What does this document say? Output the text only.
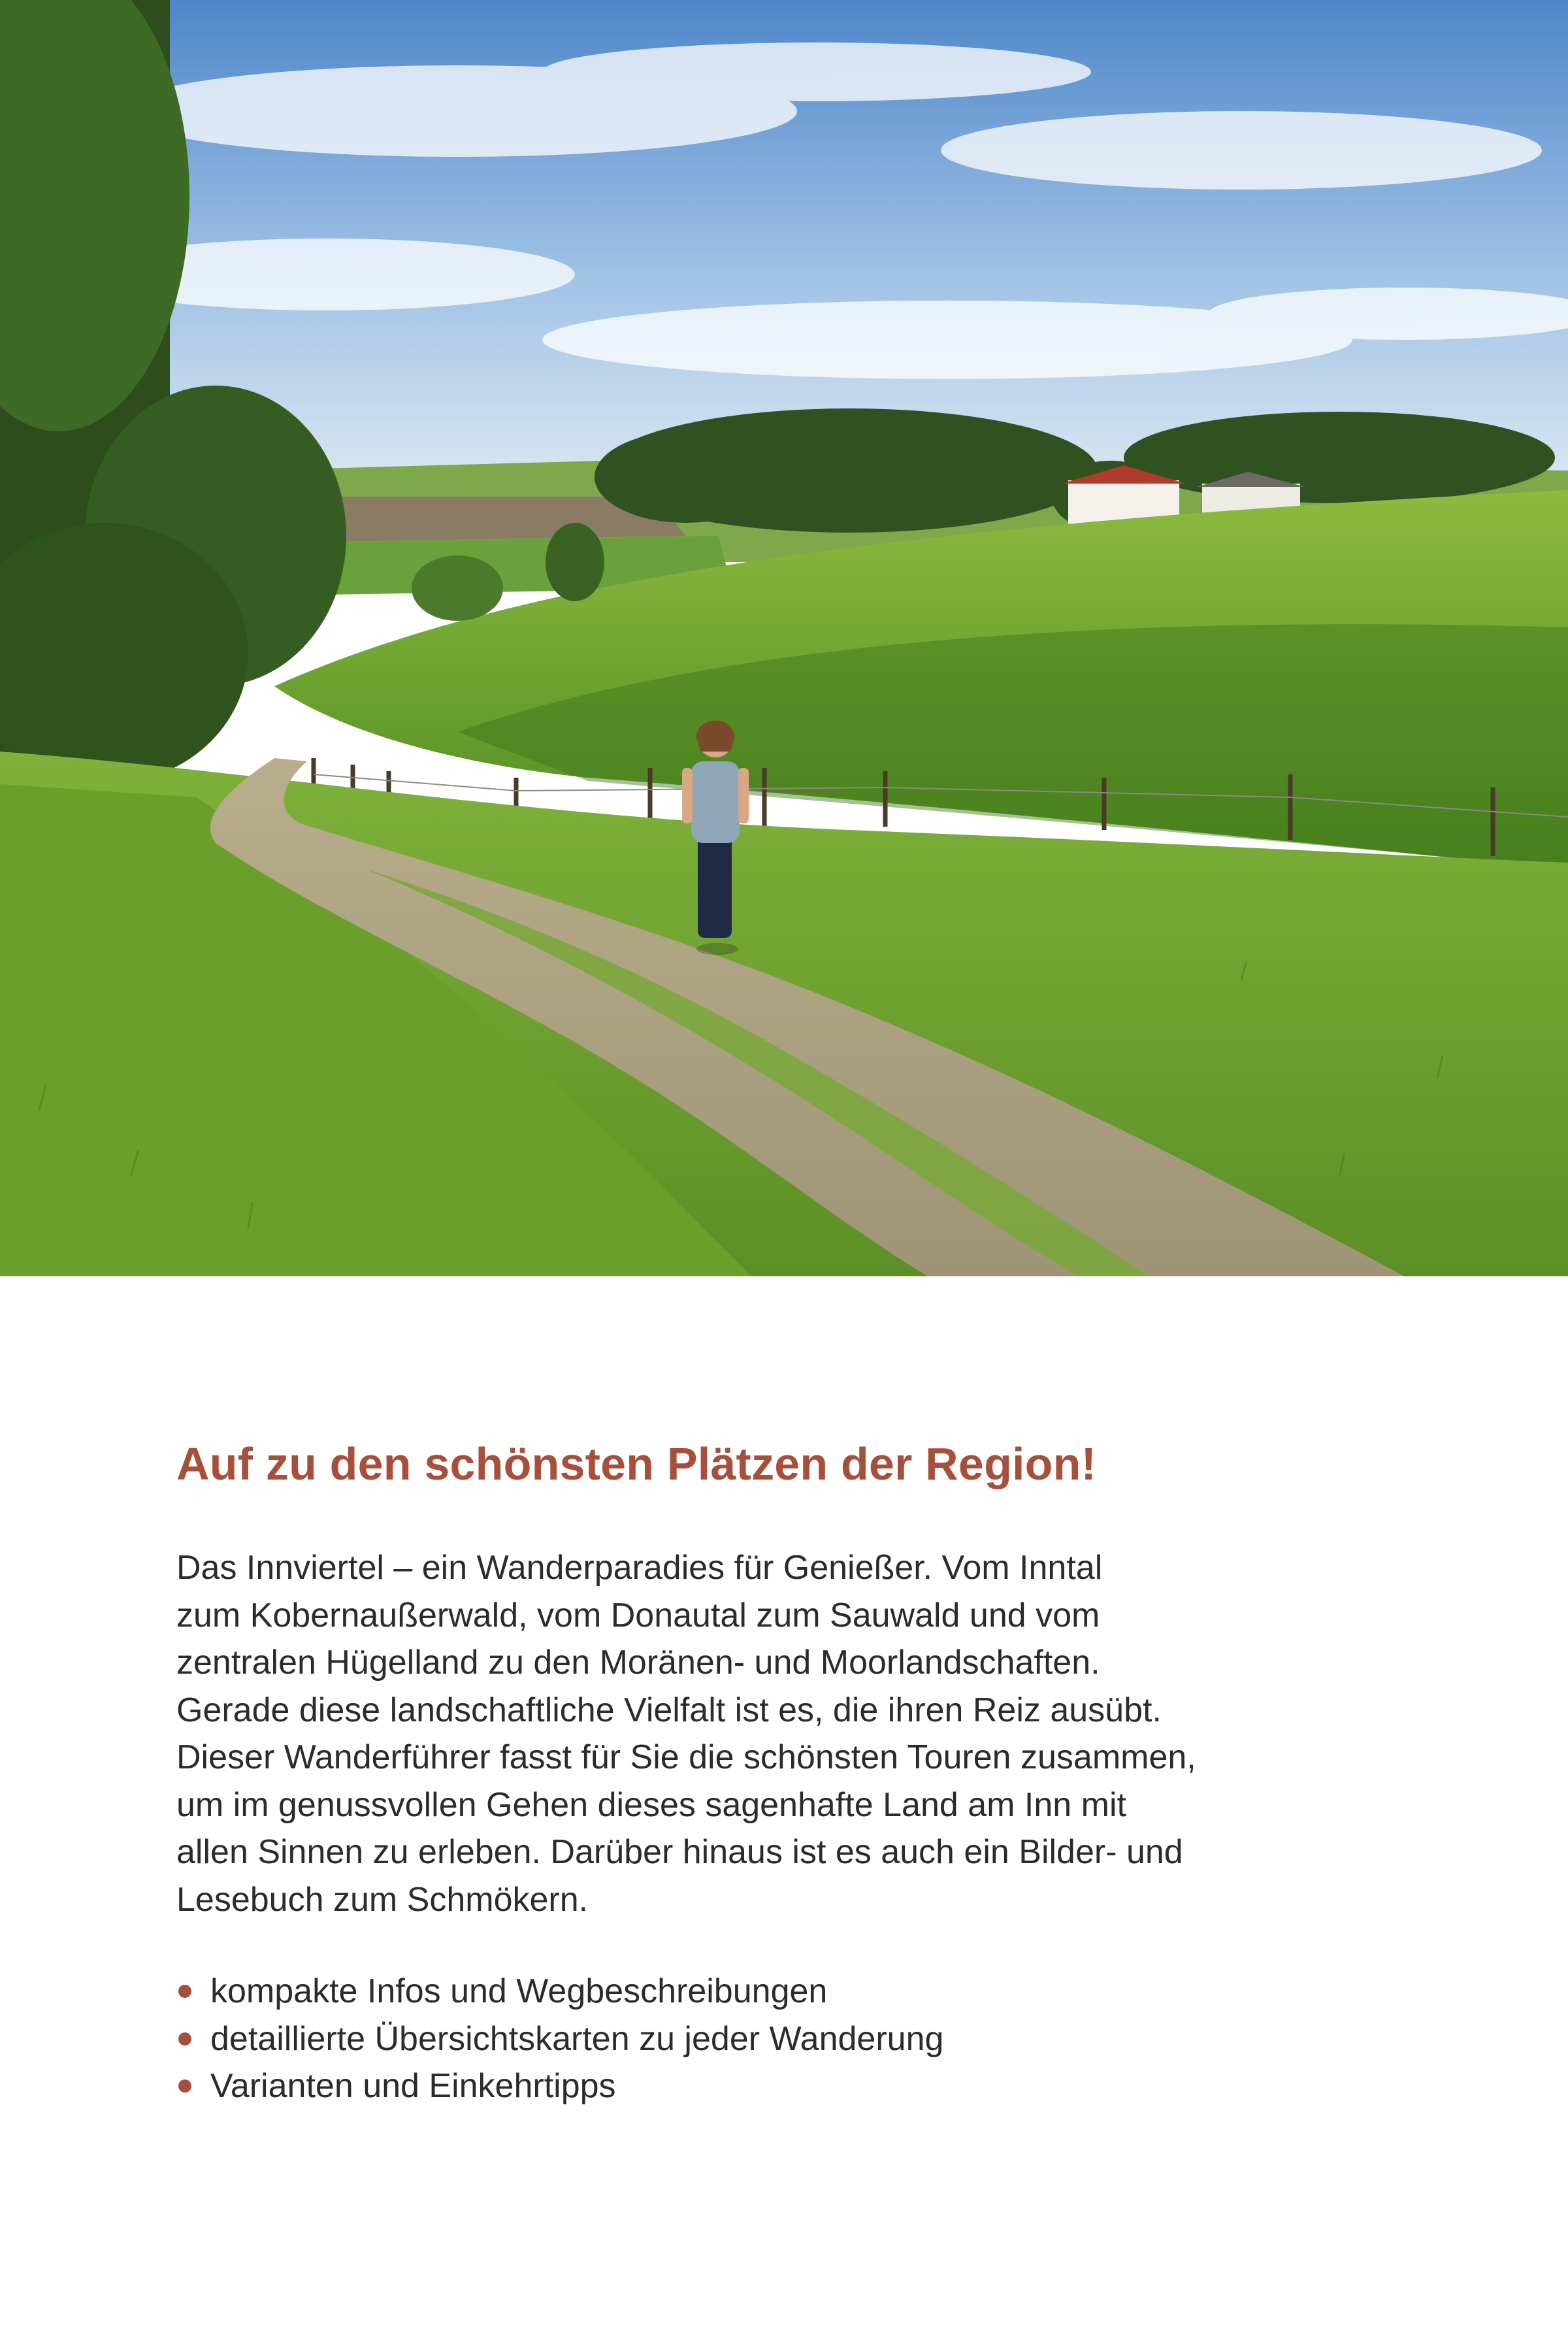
Auf zu den schönsten Plätzen der Region!
Das Innviertel – ein Wanderparadies für Genießer. Vom Inntal
zum Kobernaußerwald, vom Donautal zum Sauwald und vom
zentralen Hügelland zu den Moränen- und Moorlandschaften.
Gerade diese landschaftliche Vielfalt ist es, die ihren Reiz ausübt.
Dieser Wanderführer fasst für Sie die schönsten Touren zusammen,
um im genussvollen Gehen dieses sagenhafte Land am Inn mit
allen Sinnen zu erleben. Darüber hinaus ist es auch ein Bilder- und
Lesebuch zum Schmökern.
kompakte Infos und Wegbeschreibungen
detaillierte Übersichtskarten zu jeder Wanderung
Varianten und Einkehrtipps
